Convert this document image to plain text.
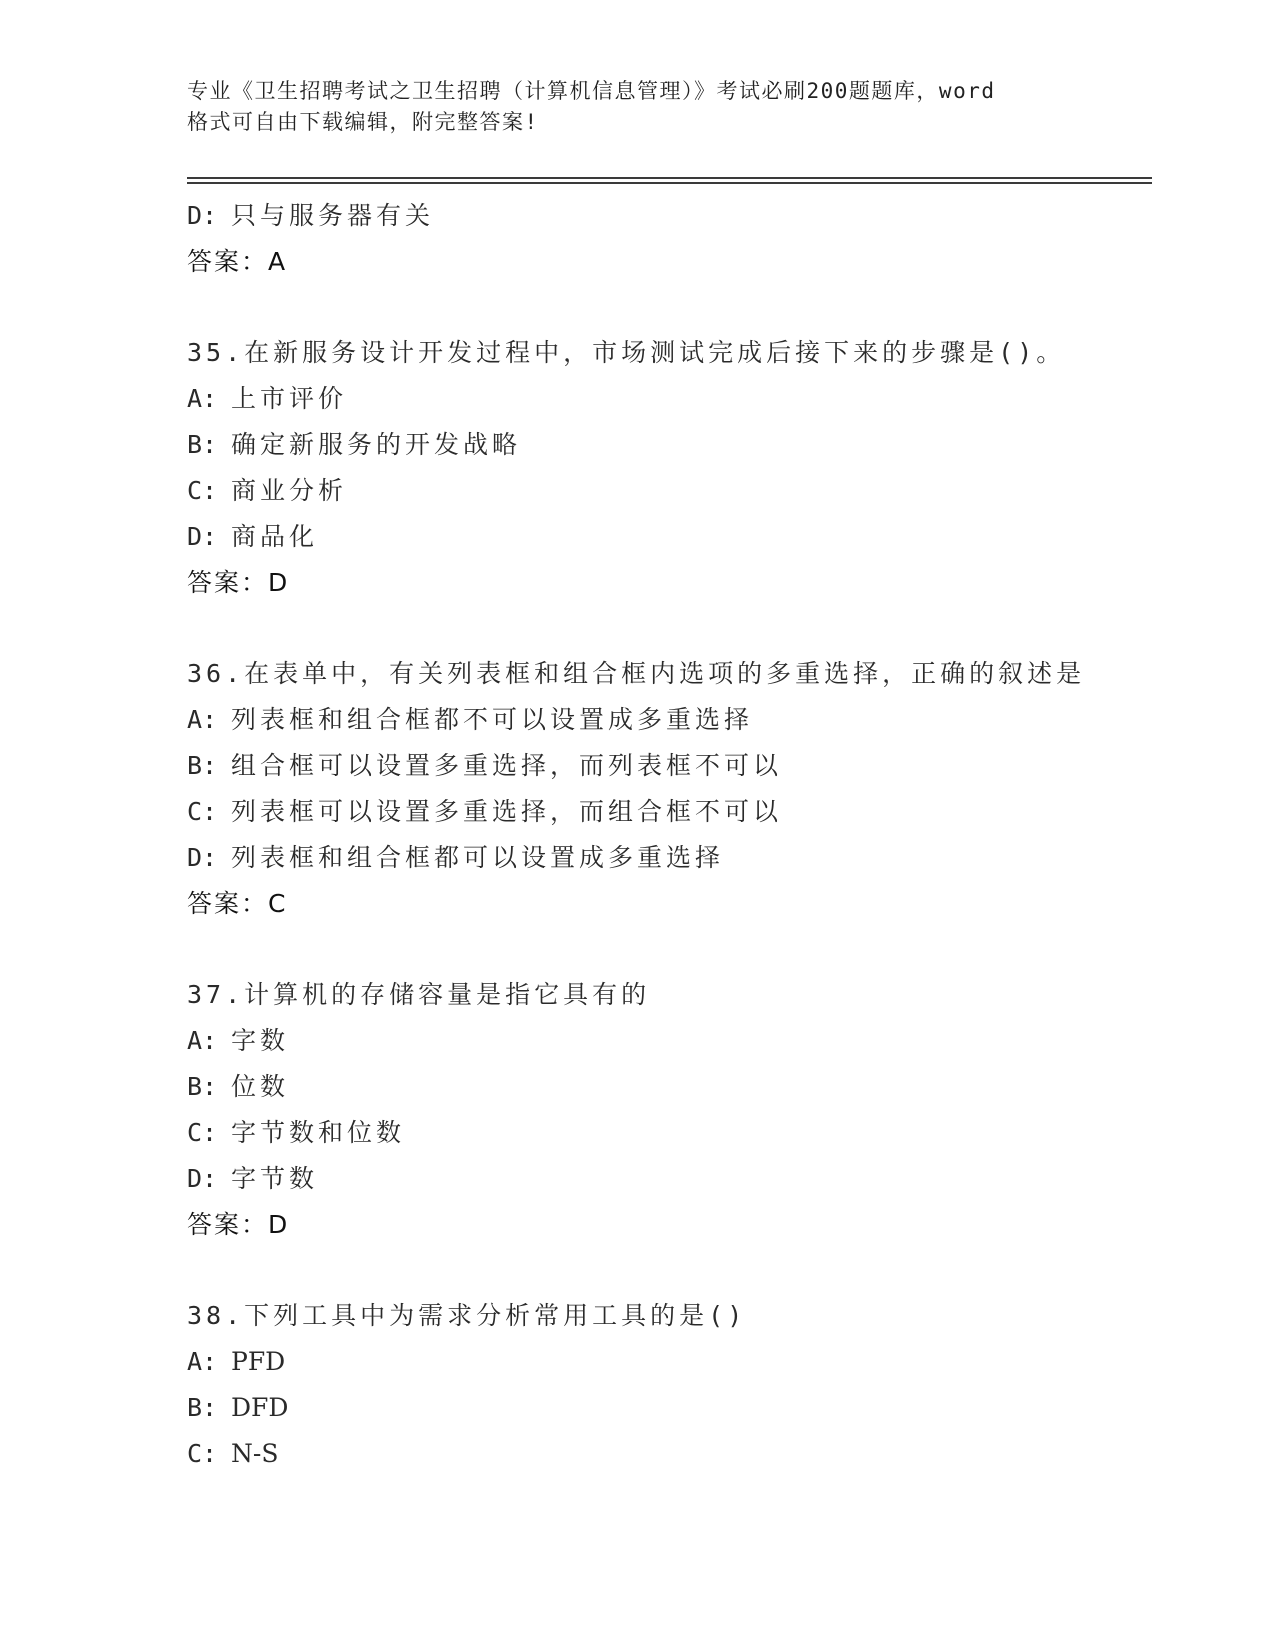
专业《卫生招聘考试之卫生招聘（计算机信息管理）》考试必刷200题题库，word
格式可自由下载编辑，附完整答案!
D: 只与服务器有关
答案：A
35.在新服务设计开发过程中，市场测试完成后接下来的步骤是()。
A: 上市评价
B: 确定新服务的开发战略
C: 商业分析
D: 商品化
答案：D
36.在表单中，有关列表框和组合框内选项的多重选择，正确的叙述是
A: 列表框和组合框都不可以设置成多重选择
B: 组合框可以设置多重选择，而列表框不可以
C: 列表框可以设置多重选择，而组合框不可以
D: 列表框和组合框都可以设置成多重选择
答案：C
37.计算机的存储容量是指它具有的
A: 字数
B: 位数
C: 字节数和位数
D: 字节数
答案：D
38.下列工具中为需求分析常用工具的是()
A: PFD
B: DFD
C: N-S
